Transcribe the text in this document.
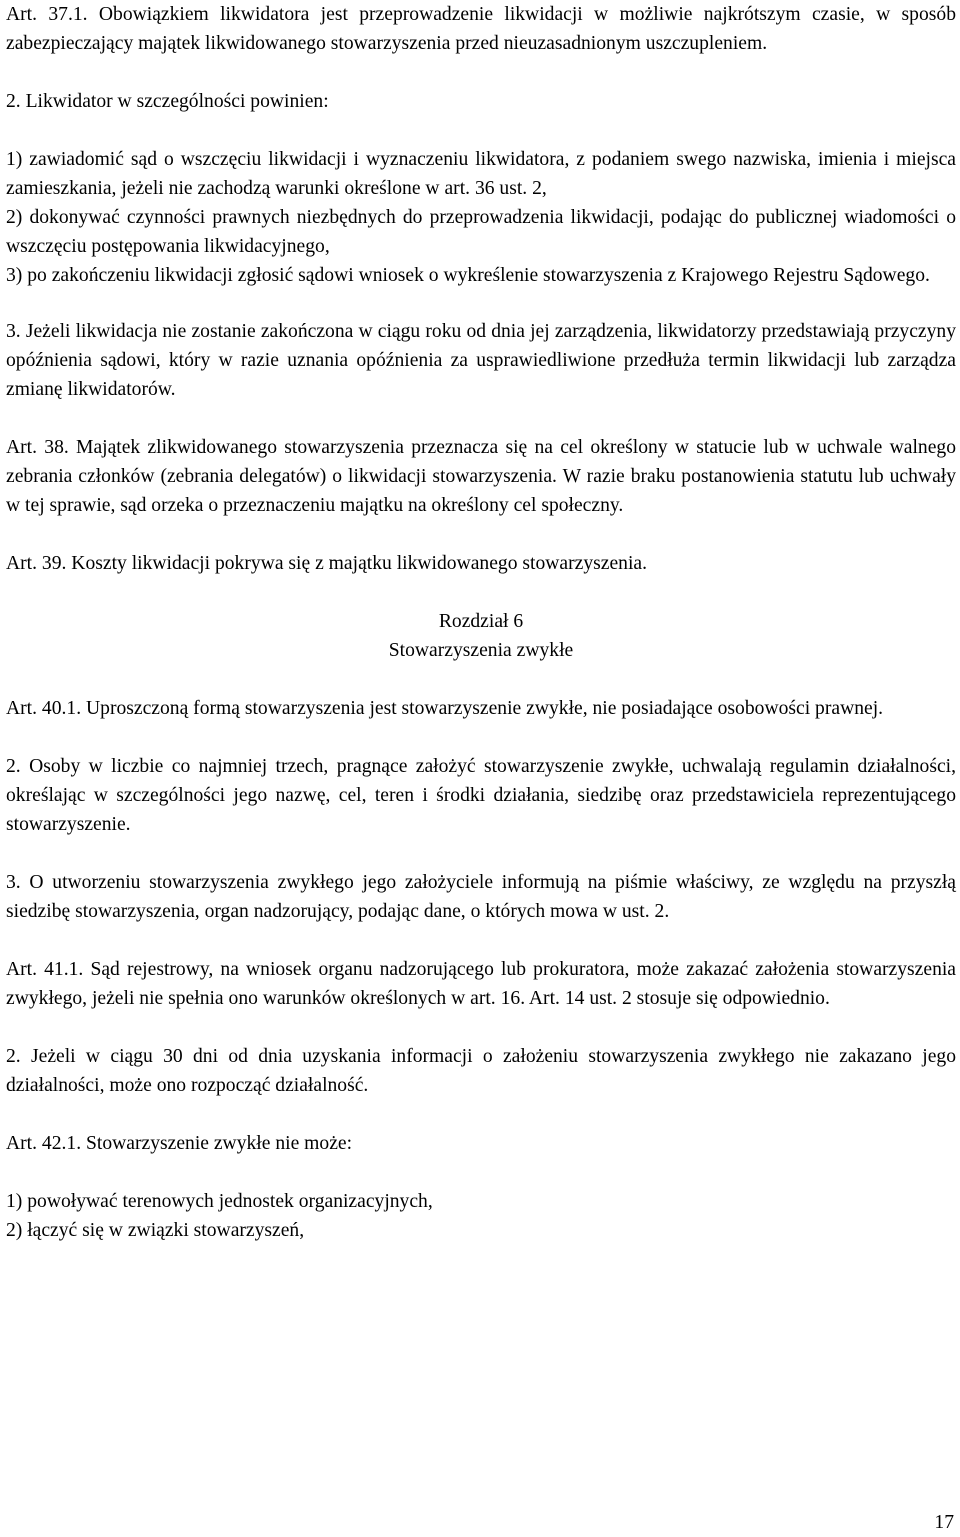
Art. 37.1. Obowiązkiem likwidatora jest przeprowadzenie likwidacji w możliwie najkrótszym czasie, w sposób zabezpieczający majątek likwidowanego stowarzyszenia przed nieuzasadnionym uszczupleniem.

2. Likwidator w szczególności powinien:

1) zawiadomić sąd o wszczęciu likwidacji i wyznaczeniu likwidatora, z podaniem swego nazwiska, imienia i miejsca zamieszkania, jeżeli nie zachodzą warunki określone w art. 36 ust. 2,

2) dokonywać czynności prawnych niezbędnych do przeprowadzenia likwidacji, podając do publicznej wiadomości o wszczęciu postępowania likwidacyjnego,

3) po zakończeniu likwidacji zgłosić sądowi wniosek o wykreślenie stowarzyszenia z Krajowego Rejestru Sądowego.

3. Jeżeli likwidacja nie zostanie zakończona w ciągu roku od dnia jej zarządzenia, likwidatorzy przedstawiają przyczyny opóźnienia sądowi, który w razie uznania opóźnienia za usprawiedliwione przedłuża termin likwidacji lub zarządza zmianę likwidatorów.

Art. 38. Majątek zlikwidowanego stowarzyszenia przeznacza się na cel określony w statucie lub w uchwale walnego zebrania członków (zebrania delegatów) o likwidacji stowarzyszenia. W razie braku postanowienia statutu lub uchwały w tej sprawie, sąd orzeka o przeznaczeniu majątku na określony cel społeczny.

Art. 39. Koszty likwidacji pokrywa się z majątku likwidowanego stowarzyszenia.

Rozdział 6

Stowarzyszenia zwykłe

Art. 40.1. Uproszczoną formą stowarzyszenia jest stowarzyszenie zwykłe, nie posiadające osobowości prawnej.

2. Osoby w liczbie co najmniej trzech, pragnące założyć stowarzyszenie zwykłe, uchwalają regulamin działalności, określając w szczególności jego nazwę, cel, teren i środki działania, siedzibę oraz przedstawiciela reprezentującego stowarzyszenie.

3. O utworzeniu stowarzyszenia zwykłego jego założyciele informują na piśmie właściwy, ze względu na przyszłą siedzibę stowarzyszenia, organ nadzorujący, podając dane, o których mowa w ust. 2.

Art. 41.1. Sąd rejestrowy, na wniosek organu nadzorującego lub prokuratora, może zakazać założenia stowarzyszenia zwykłego, jeżeli nie spełnia ono warunków określonych w art. 16. Art. 14 ust. 2 stosuje się odpowiednio.

2. Jeżeli w ciągu 30 dni od dnia uzyskania informacji o założeniu stowarzyszenia zwykłego nie zakazano jego działalności, może ono rozpocząć działalność.

Art. 42.1. Stowarzyszenie zwykłe nie może:

1) powoływać terenowych jednostek organizacyjnych,

2) łączyć się w związki stowarzyszeń,

17
